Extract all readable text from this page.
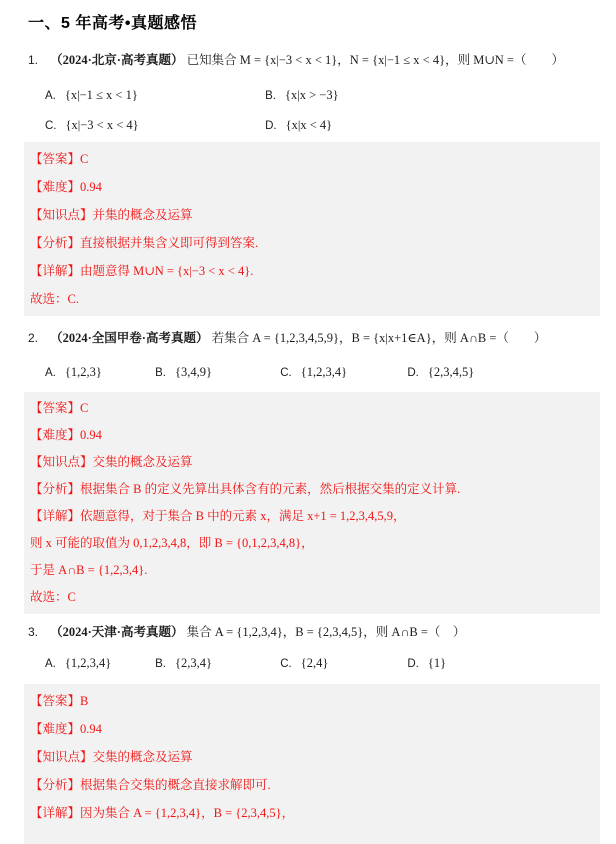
一、5 年高考•真题感悟
1. （2024·北京·高考真题） 已知集合 M = {x|−3 < x < 1}，N = {x|−1 ≤ x < 4}，则 M∪N =（　　）
A. {x|−1 ≤ x < 1}	B. {x|x > −3}
C. {x|−3 < x < 4}	D. {x|x < 4}
【答案】C
【难度】0.94
【知识点】并集的概念及运算
【分析】直接根据并集含义即可得到答案.
【详解】由题意得 M∪N = {x|−3 < x < 4}.
故选：C.
2. （2024·全国甲卷·高考真题） 若集合 A = {1,2,3,4,5,9}，B = {x|x+1∈A}，则 A∩B =（　　）
A. {1,2,3}	B. {3,4,9}	C. {1,2,3,4}	D. {2,3,4,5}
【答案】C
【难度】0.94
【知识点】交集的概念及运算
【分析】根据集合 B 的定义先算出具体含有的元素，然后根据交集的定义计算.
【详解】依题意得，对于集合 B 中的元素 x，满足 x+1 = 1,2,3,4,5,9，
则 x 可能的取值为 0,1,2,3,4,8，即 B = {0,1,2,3,4,8}，
于是 A∩B = {1,2,3,4}.
故选：C
3. （2024·天津·高考真题） 集合 A = {1,2,3,4}，B = {2,3,4,5}，则 A∩B =（　）
A. {1,2,3,4}	B. {2,3,4}	C. {2,4}	D. {1}
【答案】B
【难度】0.94
【知识点】交集的概念及运算
【分析】根据集合交集的概念直接求解即可.
【详解】因为集合 A = {1,2,3,4}，B = {2,3,4,5}，
